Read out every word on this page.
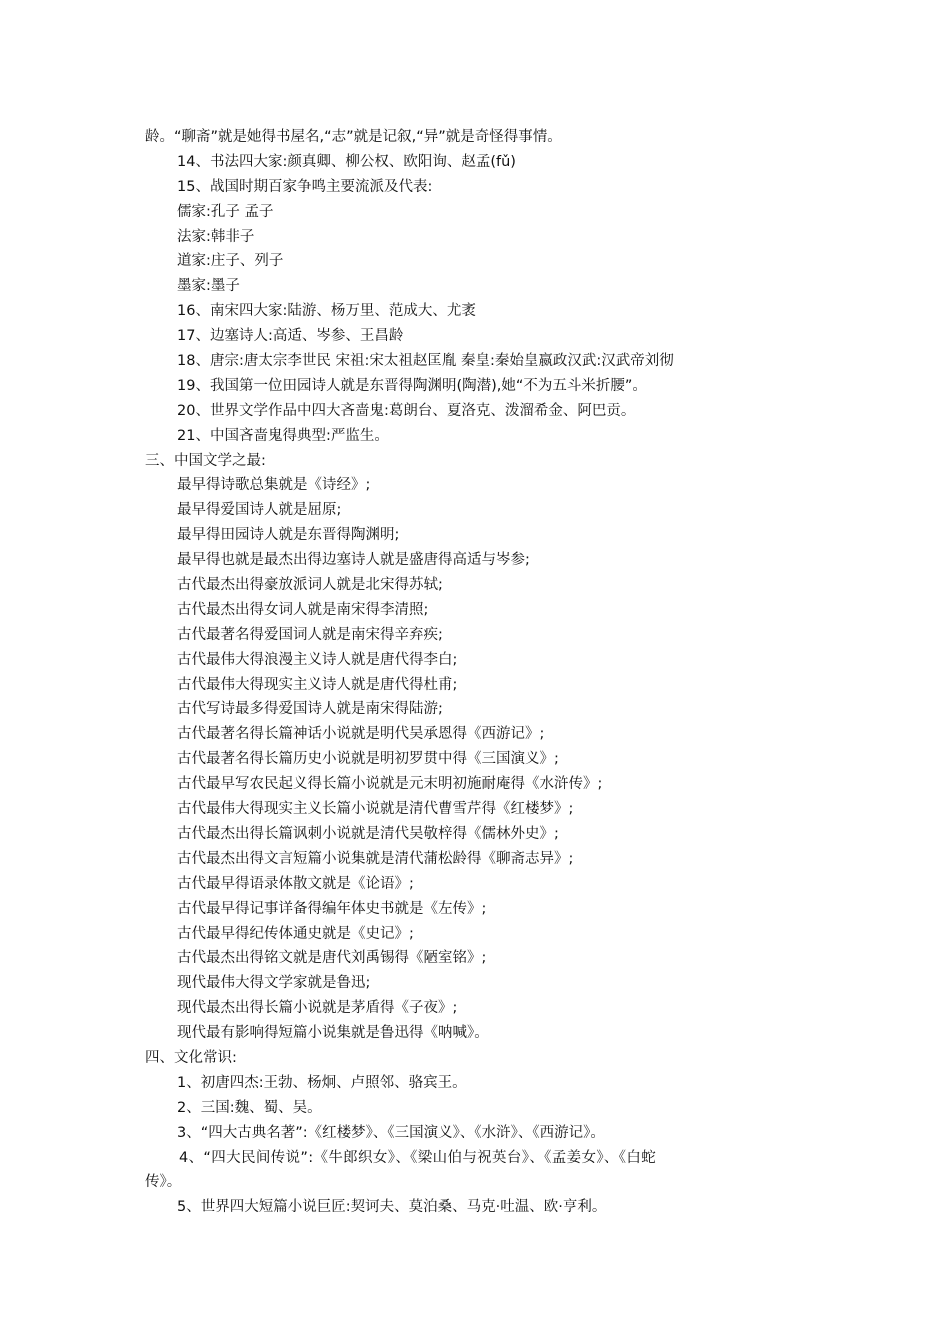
龄。“聊斋”就是她得书屋名,“志”就是记叙,“异”就是奇怪得事情。
14、书法四大家:颜真卿、柳公权、欧阳询、赵孟(fǔ)
15、战国时期百家争鸣主要流派及代表:
儒家:孔子 孟子
法家:韩非子
道家:庄子、列子
墨家:墨子
16、南宋四大家:陆游、杨万里、范成大、尤袤
17、边塞诗人:高适、岑参、王昌龄
18、唐宗:唐太宗李世民 宋祖:宋太祖赵匡胤 秦皇:秦始皇嬴政汉武:汉武帝刘彻
19、我国第一位田园诗人就是东晋得陶渊明(陶潜),她“不为五斗米折腰”。
20、世界文学作品中四大吝啬鬼:葛朗台、夏洛克、泼溜希金、阿巴贡。
21、中国吝啬鬼得典型:严监生。
三、中国文学之最:
最早得诗歌总集就是《诗经》;
最早得爱国诗人就是屈原;
最早得田园诗人就是东晋得陶渊明;
最早得也就是最杰出得边塞诗人就是盛唐得高适与岑参;
古代最杰出得豪放派词人就是北宋得苏轼;
古代最杰出得女词人就是南宋得李清照;
古代最著名得爱国词人就是南宋得辛弃疾;
古代最伟大得浪漫主义诗人就是唐代得李白;
古代最伟大得现实主义诗人就是唐代得杜甫;
古代写诗最多得爱国诗人就是南宋得陆游;
古代最著名得长篇神话小说就是明代吴承恩得《西游记》;
古代最著名得长篇历史小说就是明初罗贯中得《三国演义》;
古代最早写农民起义得长篇小说就是元末明初施耐庵得《水浒传》;
古代最伟大得现实主义长篇小说就是清代曹雪芹得《红楼梦》;
古代最杰出得长篇讽刺小说就是清代吴敬梓得《儒林外史》;
古代最杰出得文言短篇小说集就是清代蒲松龄得《聊斋志异》;
古代最早得语录体散文就是《论语》;
古代最早得记事详备得编年体史书就是《左传》;
古代最早得纪传体通史就是《史记》;
古代最杰出得铭文就是唐代刘禹锡得《陋室铭》;
现代最伟大得文学家就是鲁迅;
现代最杰出得长篇小说就是茅盾得《子夜》;
现代最有影响得短篇小说集就是鲁迅得《呐喊》。
四、文化常识:
1、初唐四杰:王勃、杨炯、卢照邻、骆宾王。
2、三国:魏、蜀、吴。
3、“四大古典名著”:《红楼梦》、《三国演义》、《水浒》、《西游记》。
4、“四大民间传说”:《牛郎织女》、《梁山伯与祝英台》、《孟姜女》、《白蛇
传》。
5、世界四大短篇小说巨匠:契诃夫、莫泊桑、马克·吐温、欧·亨利。
